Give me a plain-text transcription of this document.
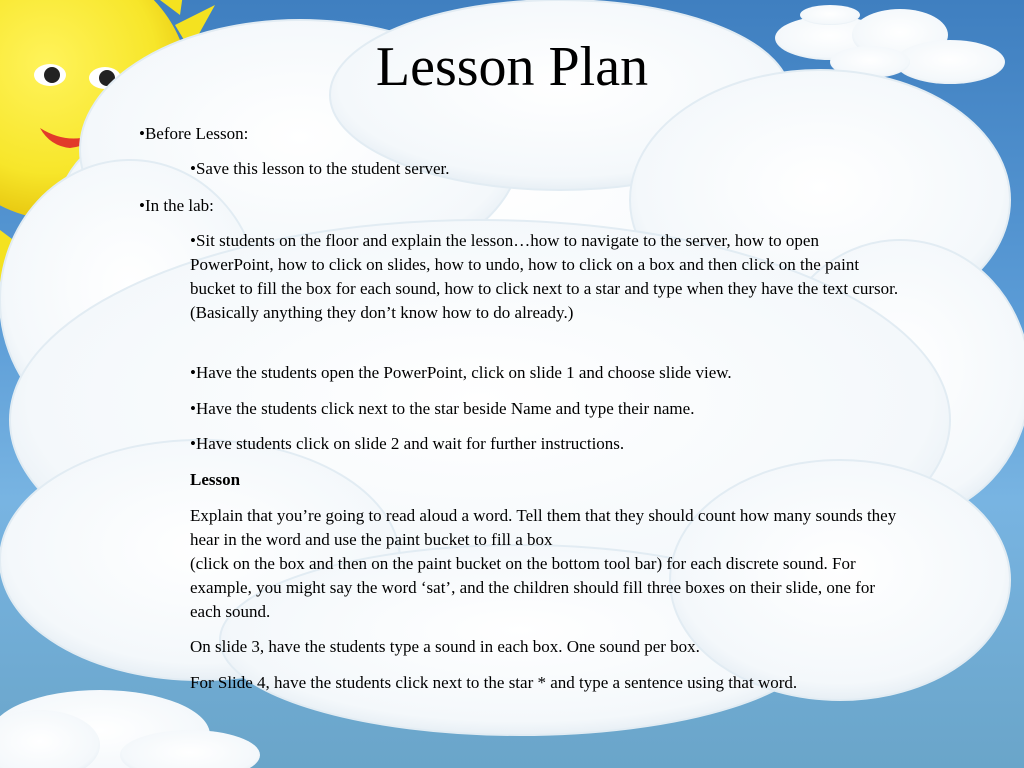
Lesson Plan
•Before Lesson:
•Save this lesson to the student server.
•In the lab:
•Sit students on the floor and explain the lesson…how to navigate to the server, how to open PowerPoint, how to click on slides, how to undo, how to click on a box and then click on the paint bucket to fill the box for each sound, how to click next to a star and type when they have the text cursor. (Basically anything they don’t know how to do already.)
•Have the students open the PowerPoint, click on slide 1 and choose slide view.
•Have the students click next to the star beside Name and type their name.
•Have students click on slide 2 and wait for further instructions.
Lesson
Explain that you’re going to read aloud a word. Tell them that they should count how many sounds they hear in the word and use the paint bucket to fill a box
(click on the box and then on the paint bucket on the bottom tool bar) for each discrete sound. For example, you might say the word ‘sat’, and the children should fill three boxes on their slide, one for each sound.
On slide 3, have the students type a sound in each box. One sound per box.
For Slide 4, have the students click next to the star * and type a sentence using that word.
